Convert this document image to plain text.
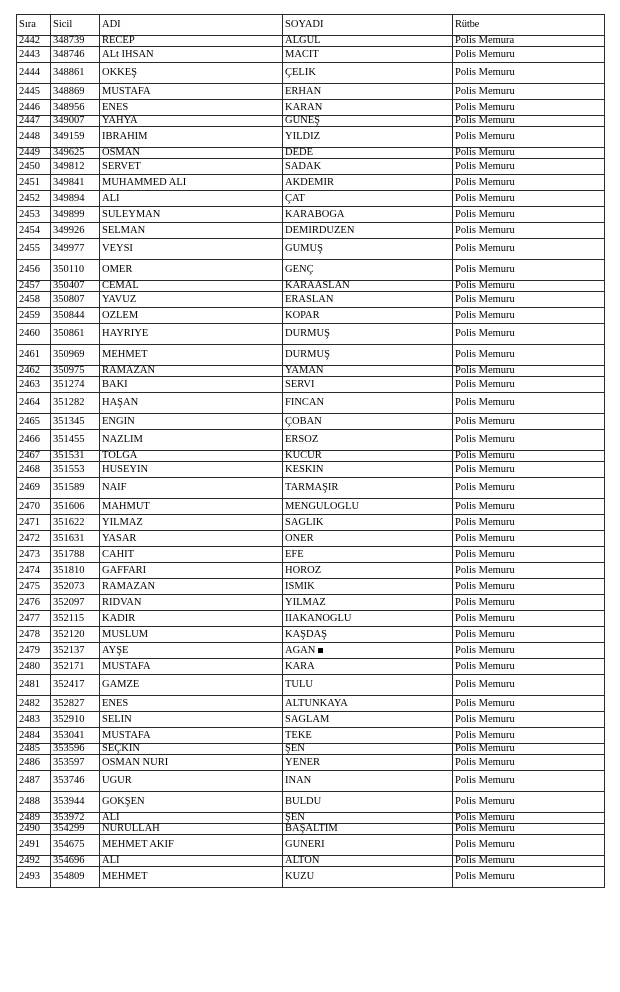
Sıra	Sicil	ADI	SOYADI	Rütbe
2442	348739	RECEP	ALGUL	Polis Memura
2443	348746	ALt IHSAN	MACIT	Polis Memuru
2444	348861	OKKEŞ	ÇELIK	Polis Memuru
2445	348869	MUSTAFA	ERHAN	Polis Memuru
2446	348956	ENES	KARAN	Polis Memuru
2447	349007	YAHYA	GUNEŞ	Polis Memuru
2448	349159	IBRAHIM	YILDIZ	Polis Memuru
2449	349625	OSMAN	DEDE	Polis Memuru
2450	349812	SERVET	SADAK	Polis Memuru
2451	349841	MUHAMMED ALI	AKDEMIR	Polis Memuru
2452	349894	ALI	ÇAT	Polis Memuru
2453	349899	SULEYMAN	KARABOGA	Polis Memuru
2454	349926	SELMAN	DEMIRDUZEN	Polis Memuru
2455	349977	VEYSI	GUMUŞ	Polis Memuru
2456	350110	OMER	GENÇ	Polis Memuru
2457	350407	CEMAL	KARAASLAN	Polis Memuru
2458	350807	YAVUZ	ERASLAN	Polis Memuru
2459	350844	OZLEM	KOPAR	Polis Memuru
2460	350861	HAYRIYE	DURMUŞ	Polis Memuru
2461	350969	MEHMET	DURMUŞ	Polis Memuru
2462	350975	RAMAZAN	YAMAN	Polis Memuru
2463	351274	BAKI	SERVI	Polis Memuru
2464	351282	HAŞAN	FINCAN	Polis Memuru
2465	351345	ENGIN	ÇOBAN	Polis Memuru
2466	351455	NAZLIM	ERSOZ	Polis Memuru
2467	351531	TOLGA	KUCUR	Polis Memuru
2468	351553	HUSEYIN	KESKIN	Polis Memuru
2469	351589	NAIF	TARMAŞIR	Polis Memuru
2470	351606	MAHMUT	MENGULOGLU	Polis Memuru
2471	351622	YILMAZ	SAGLIK	Polis Memuru
2472	351631	YASAR	ONER	Polis Memuru
2473	351788	CAHIT	EFE	Polis Memuru
2474	351810	GAFFARI	HOROZ	Polis Memuru
2475	352073	RAMAZAN	ISMIK	Polis Memuru
2476	352097	RIDVAN	YILMAZ	Polis Memuru
2477	352115	KADIR	IIAKANOGLU	Polis Memuru
2478	352120	MUSLUM	KAŞDAŞ	Polis Memuru
2479	352137	AYŞE	AGAN	Polis Memuru
2480	352171	MUSTAFA	KARA	Polis Memuru
2481	352417	GAMZE	TULU	Polis Memuru
2482	352827	ENES	ALTUNKAYA	Polis Memuru
2483	352910	SELIN	SAGLAM	Polis Memuru
2484	353041	MUSTAFA	TEKE	Polis Memuru
2485	353596	SEÇKIN	ŞEN	Polis Memuru
2486	353597	OSMAN NURI	YENER	Polis Memuru
2487	353746	UGUR	INAN	Polis Memuru
2488	353944	GOKŞEN	BULDU	Polis Memuru
2489	353972	ALI	ŞEN	Polis Memuru
2490	354299	NURULLAH	BAŞALTIM	Polis Memuru
2491	354675	MEHMET AKIF	GUNERI	Polis Memuru
2492	354696	ALI	ALTON	Polis Memuru
2493	354809	MEHMET	KUZU	Polis Memuru
